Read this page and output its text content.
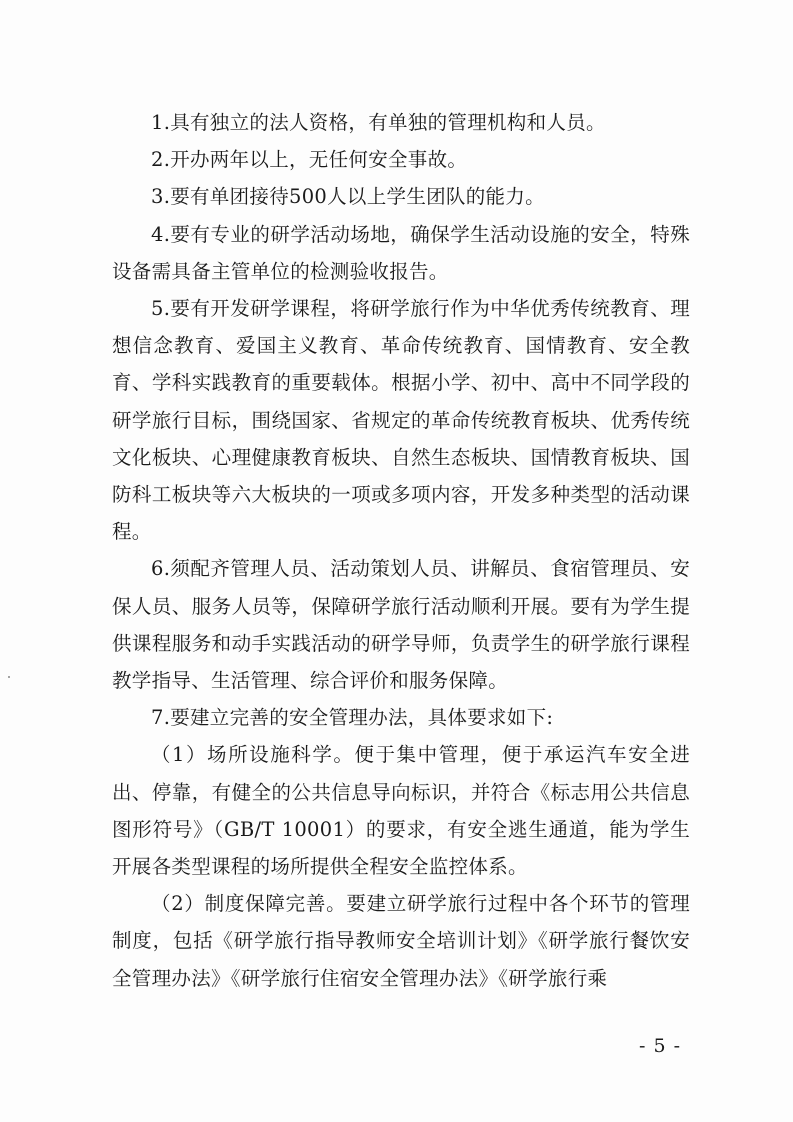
1.具有独立的法人资格，有单独的管理机构和人员。

2.开办两年以上，无任何安全事故。

3.要有单团接待500人以上学生团队的能力。

4.要有专业的研学活动场地，确保学生活动设施的安全，特殊设备需具备主管单位的检测验收报告。

5.要有开发研学课程，将研学旅行作为中华优秀传统教育、理想信念教育、爱国主义教育、革命传统教育、国情教育、安全教育、学科实践教育的重要载体。根据小学、初中、高中不同学段的研学旅行目标，围绕国家、省规定的革命传统教育板块、优秀传统文化板块、心理健康教育板块、自然生态板块、国情教育板块、国防科工板块等六大板块的一项或多项内容，开发多种类型的活动课程。

6.须配齐管理人员、活动策划人员、讲解员、食宿管理员、安保人员、服务人员等，保障研学旅行活动顺利开展。要有为学生提供课程服务和动手实践活动的研学导师，负责学生的研学旅行课程教学指导、生活管理、综合评价和服务保障。

7.要建立完善的安全管理办法，具体要求如下:

（1）场所设施科学。便于集中管理，便于承运汽车安全进出、停靠，有健全的公共信息导向标识，并符合《标志用公共信息图形符号》（GB/T 10001）的要求，有安全逃生通道，能为学生开展各类型课程的场所提供全程安全监控体系。

（2）制度保障完善。要建立研学旅行过程中各个环节的管理制度，包括《研学旅行指导教师安全培训计划》《研学旅行餐饮安全管理办法》《研学旅行住宿安全管理办法》《研学旅行乘

- 5 -
